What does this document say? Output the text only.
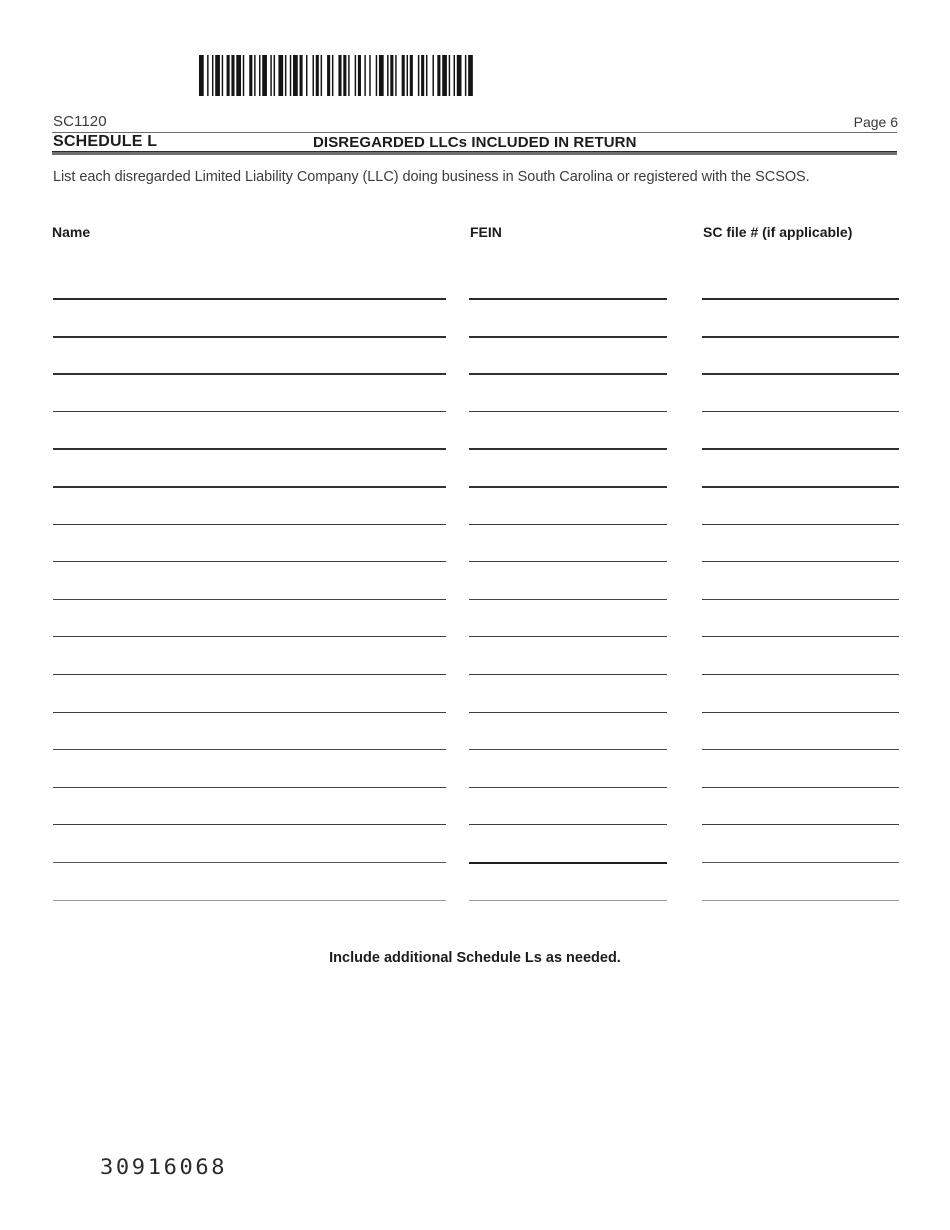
SC1120	Page 6
SCHEDULE L	DISREGARDED LLCs INCLUDED IN RETURN
List each disregarded Limited Liability Company (LLC) doing business in South Carolina or registered with the SCSOS.
Name	FEIN	SC file # (if applicable)
Include additional Schedule Ls as needed.
30916068
